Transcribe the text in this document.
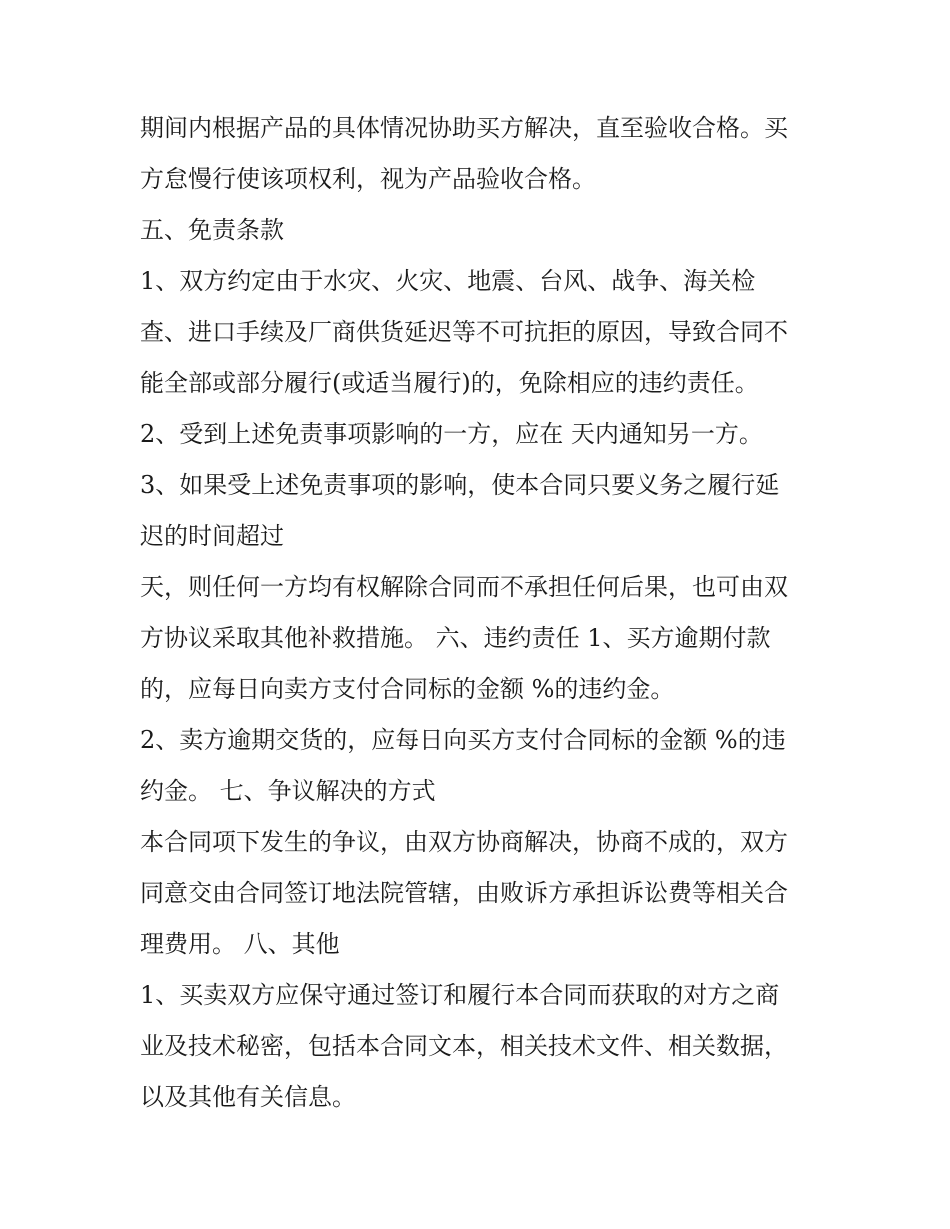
期间内根据产品的具体情况协助买方解决，直至验收合格。买
方怠慢行使该项权利，视为产品验收合格。
五、免责条款
1、双方约定由于水灾、火灾、地震、台风、战争、海关检
查、进口手续及厂商供货延迟等不可抗拒的原因，导致合同不
能全部或部分履行(或适当履行)的，免除相应的违约责任。
2、受到上述免责事项影响的一方，应在 天内通知另一方。
3、如果受上述免责事项的影响，使本合同只要义务之履行延
迟的时间超过
天，则任何一方均有权解除合同而不承担任何后果，也可由双
方协议采取其他补救措施。 六、违约责任 1、买方逾期付款
的，应每日向卖方支付合同标的金额 %的违约金。
2、卖方逾期交货的，应每日向买方支付合同标的金额 %的违
约金。 七、争议解决的方式
本合同项下发生的争议，由双方协商解决，协商不成的，双方
同意交由合同签订地法院管辖，由败诉方承担诉讼费等相关合
理费用。 八、其他
1、买卖双方应保守通过签订和履行本合同而获取的对方之商
业及技术秘密，包括本合同文本，相关技术文件、相关数据，
以及其他有关信息。
